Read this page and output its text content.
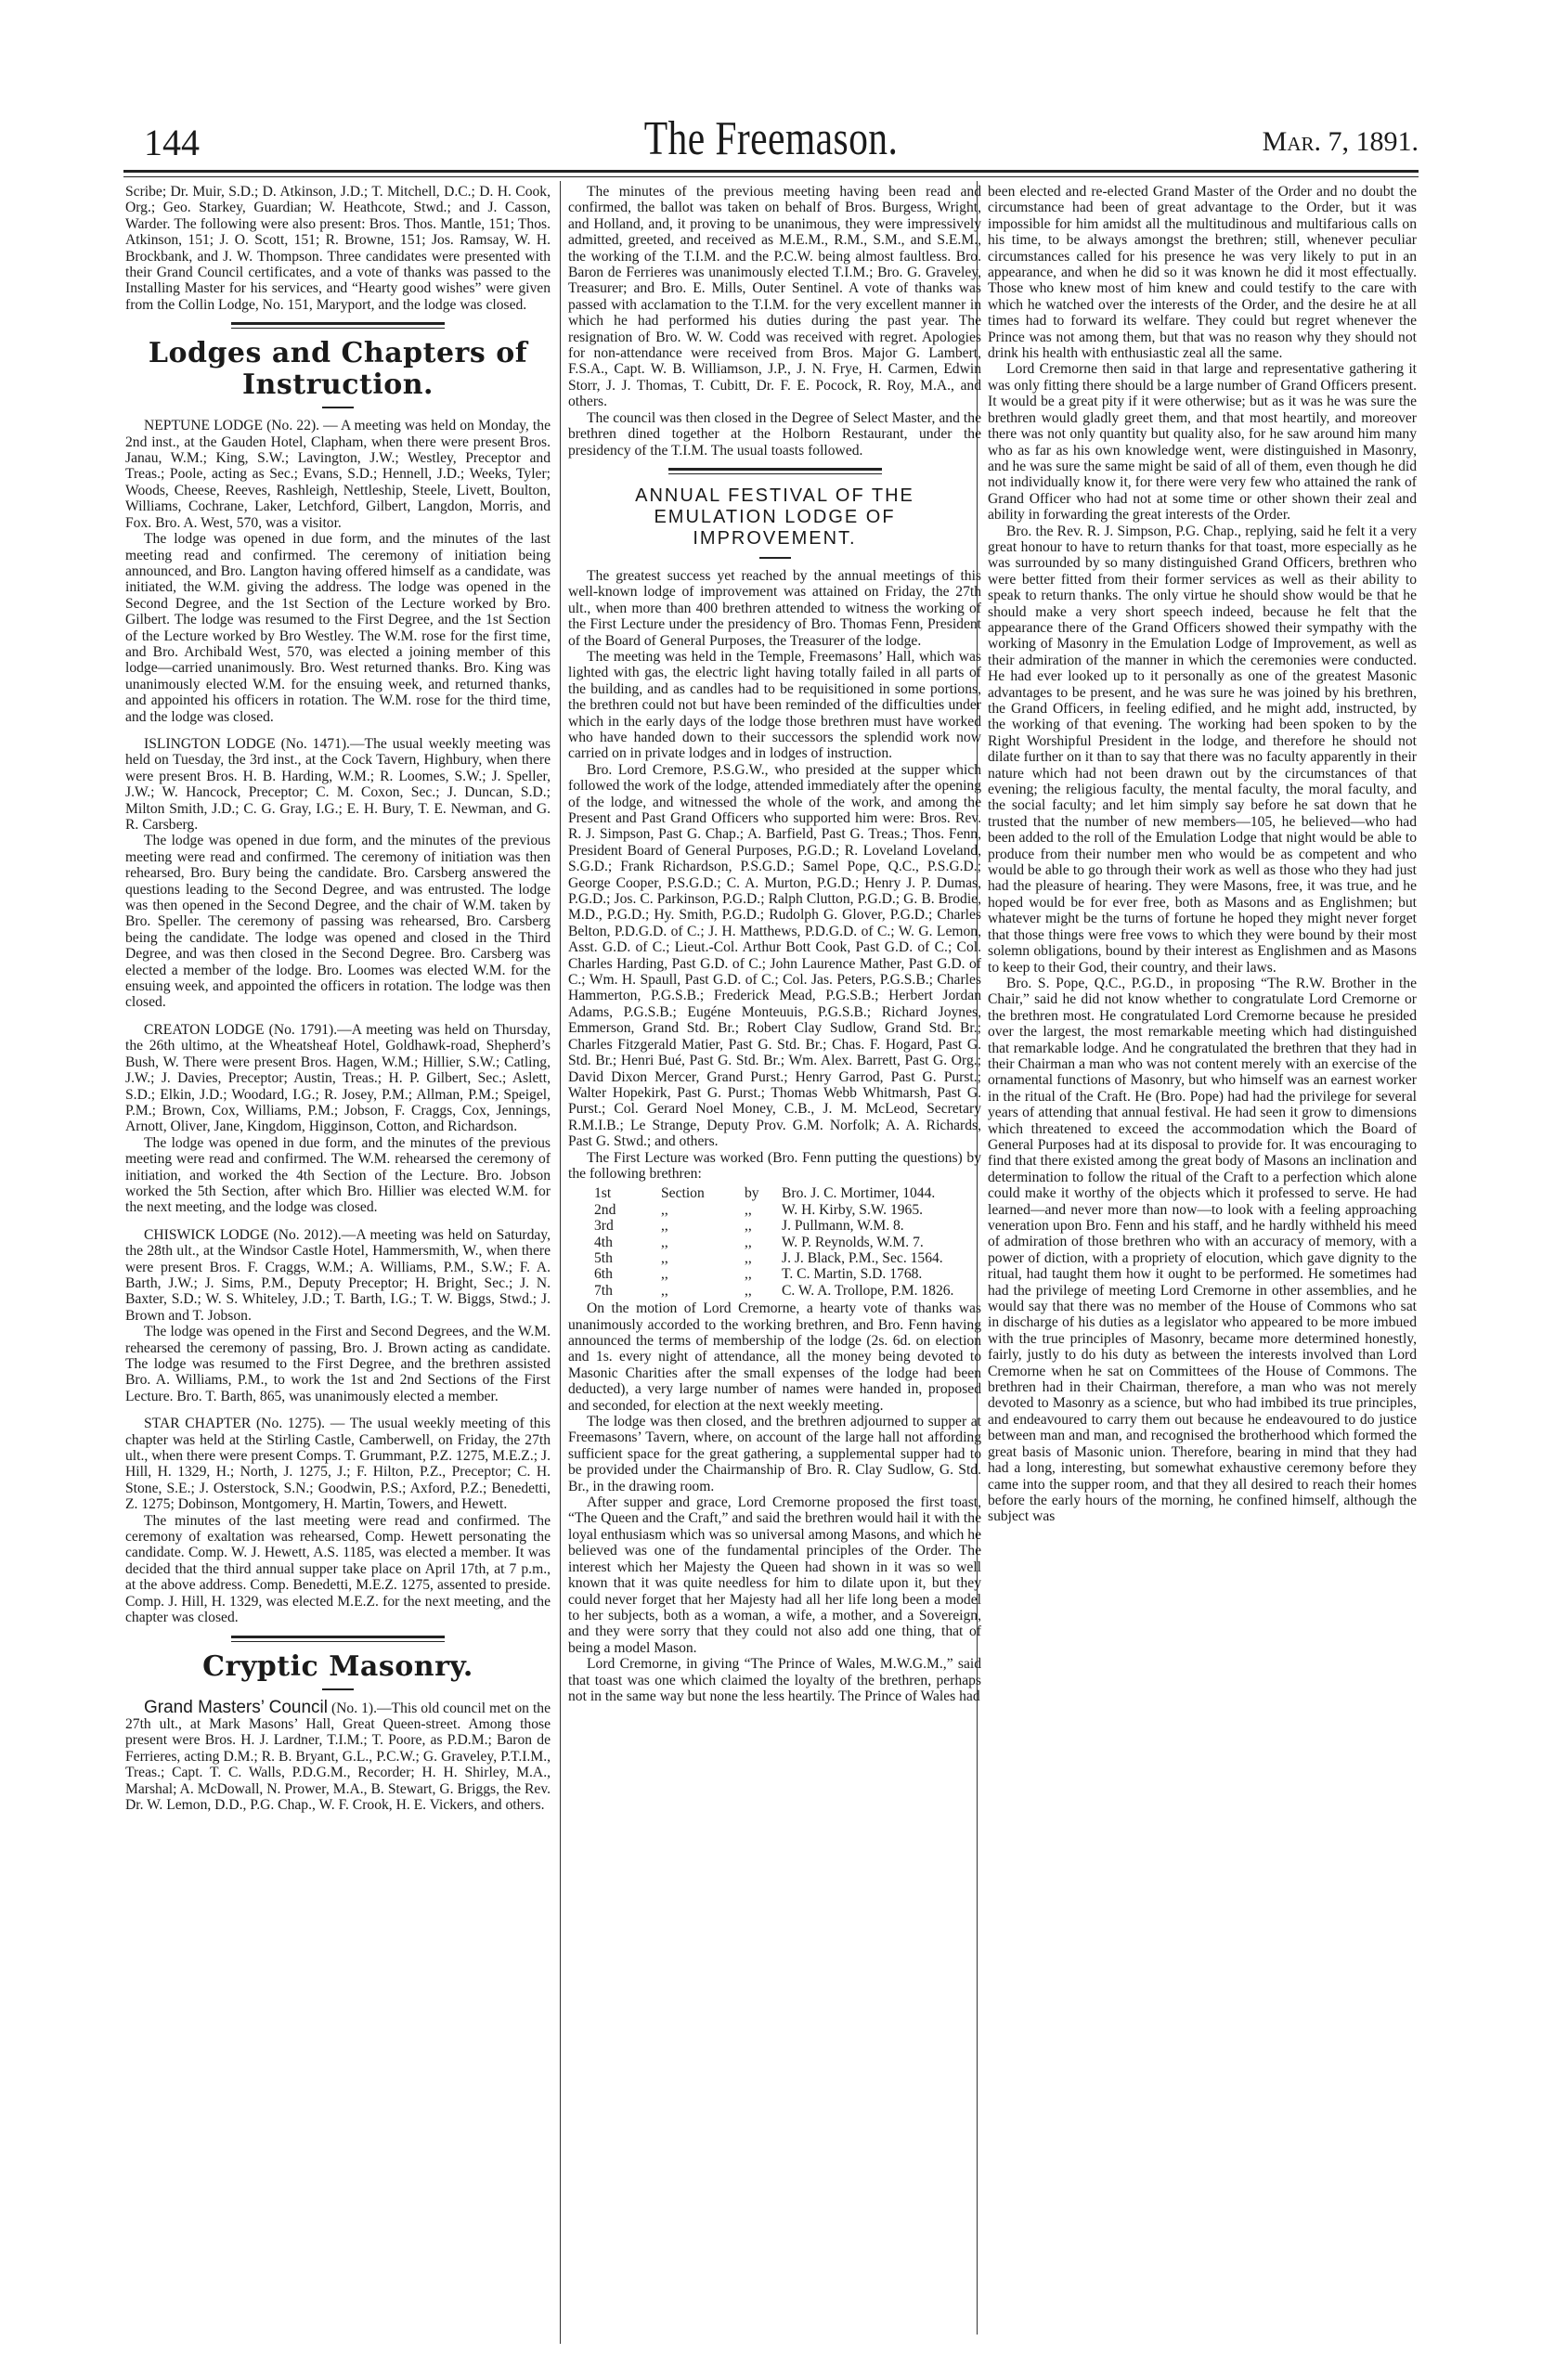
144	The Freemason.	Mar. 7, 1891.

Scribe; Dr. Muir, S.D.; D. Atkinson, J.D.; T. Mitchell, D.C.; D. H. Cook, Org.; Geo. Starkey, Guardian; W. Heathcote, Stwd.; and J. Casson, Warder. The following were also present: Bros. Thos. Mantle, 151; Thos. Atkinson, 151; J. O. Scott, 151; R. Browne, 151; Jos. Ramsay, W. H. Brockbank, and J. W. Thompson. Three candidates were presented with their Grand Council certificates, and a vote of thanks was passed to the Installing Master for his services, and “Hearty good wishes” were given from the Collin Lodge, No. 151, Maryport, and the lodge was closed.

Lodges and Chapters of
Instruction.

NEPTUNE LODGE (No. 22). — A meeting was held on Monday, the 2nd inst., at the Gauden Hotel, Clapham, when there were present Bros. Janau, W.M.; King, S.W.; Lavington, J.W.; Westley, Preceptor and Treas.; Poole, acting as Sec.; Evans, S.D.; Hennell, J.D.; Weeks, Tyler; Woods, Cheese, Reeves, Rashleigh, Nettleship, Steele, Livett, Boulton, Williams, Cochrane, Laker, Letchford, Gilbert, Langdon, Morris, and Fox. Bro. A. West, 570, was a visitor.

The lodge was opened in due form, and the minutes of the last meeting read and confirmed. The ceremony of initiation being announced, and Bro. Langton having offered himself as a candidate, was initiated, the W.M. giving the address. The lodge was opened in the Second Degree, and the 1st Section of the Lecture worked by Bro. Gilbert. The lodge was resumed to the First Degree, and the 1st Section of the Lecture worked by Bro Westley. The W.M. rose for the first time, and Bro. Archibald West, 570, was elected a joining member of this lodge—carried unanimously. Bro. West returned thanks. Bro. King was unanimously elected W.M. for the ensuing week, and returned thanks, and appointed his officers in rotation. The W.M. rose for the third time, and the lodge was closed.

ISLINGTON LODGE (No. 1471).—The usual weekly meeting was held on Tuesday, the 3rd inst., at the Cock Tavern, Highbury, when there were present Bros. H. B. Harding, W.M.; R. Loomes, S.W.; J. Speller, J.W.; W. Hancock, Preceptor; C. M. Coxon, Sec.; J. Duncan, S.D.; Milton Smith, J.D.; C. G. Gray, I.G.; E. H. Bury, T. E. Newman, and G. R. Carsberg.

The lodge was opened in due form, and the minutes of the previous meeting were read and confirmed. The ceremony of initiation was then rehearsed, Bro. Bury being the candidate. Bro. Carsberg answered the questions leading to the Second Degree, and was entrusted. The lodge was then opened in the Second Degree, and the chair of W.M. taken by Bro. Speller. The ceremony of passing was rehearsed, Bro. Carsberg being the candidate. The lodge was opened and closed in the Third Degree, and was then closed in the Second Degree. Bro. Carsberg was elected a member of the lodge. Bro. Loomes was elected W.M. for the ensuing week, and appointed the officers in rotation. The lodge was then closed.

CREATON LODGE (No. 1791).—A meeting was held on Thursday, the 26th ultimo, at the Wheatsheaf Hotel, Goldhawk-road, Shepherd’s Bush, W. There were present Bros. Hagen, W.M.; Hillier, S.W.; Catling, J.W.; J. Davies, Preceptor; Austin, Treas.; H. P. Gilbert, Sec.; Aslett, S.D.; Elkin, J.D.; Woodard, I.G.; R. Josey, P.M.; Allman, P.M.; Speigel, P.M.; Brown, Cox, Williams, P.M.; Jobson, F. Craggs, Cox, Jennings, Arnott, Oliver, Jane, Kingdom, Higginson, Cotton, and Richardson.

The lodge was opened in due form, and the minutes of the previous meeting were read and confirmed. The W.M. rehearsed the ceremony of initiation, and worked the 4th Section of the Lecture. Bro. Jobson worked the 5th Section, after which Bro. Hillier was elected W.M. for the next meeting, and the lodge was closed.

CHISWICK LODGE (No. 2012).—A meeting was held on Saturday, the 28th ult., at the Windsor Castle Hotel, Hammersmith, W., when there were present Bros. F. Craggs, W.M.; A. Williams, P.M., S.W.; F. A. Barth, J.W.; J. Sims, P.M., Deputy Preceptor; H. Bright, Sec.; J. N. Baxter, S.D.; W. S. Whiteley, J.D.; T. Barth, I.G.; T. W. Biggs, Stwd.; J. Brown and T. Jobson.

The lodge was opened in the First and Second Degrees, and the W.M. rehearsed the ceremony of passing, Bro. J. Brown acting as candidate. The lodge was resumed to the First Degree, and the brethren assisted Bro. A. Williams, P.M., to work the 1st and 2nd Sections of the First Lecture. Bro. T. Barth, 865, was unanimously elected a member.

STAR CHAPTER (No. 1275). — The usual weekly meeting of this chapter was held at the Stirling Castle, Camberwell, on Friday, the 27th ult., when there were present Comps. T. Grummant, P.Z. 1275, M.E.Z.; J. Hill, H. 1329, H.; North, J. 1275, J.; F. Hilton, P.Z., Preceptor; C. H. Stone, S.E.; J. Osterstock, S.N.; Goodwin, P.S.; Axford, P.Z.; Benedetti, Z. 1275; Dobinson, Montgomery, H. Martin, Towers, and Hewett.

The minutes of the last meeting were read and confirmed. The ceremony of exaltation was rehearsed, Comp. Hewett personating the candidate. Comp. W. J. Hewett, A.S. 1185, was elected a member. It was decided that the third annual supper take place on April 17th, at 7 p.m., at the above address. Comp. Benedetti, M.E.Z. 1275, assented to preside. Comp. J. Hill, H. 1329, was elected M.E.Z. for the next meeting, and the chapter was closed.

Cryptic Masonry.

Grand Masters’ Council (No. 1).—This old council met on the 27th ult., at Mark Masons’ Hall, Great Queen-street. Among those present were Bros. H. J. Lardner, T.I.M.; T. Poore, as P.D.M.; Baron de Ferrieres, acting D.M.; R. B. Bryant, G.L., P.C.W.; G. Graveley, P.T.I.M., Treas.; Capt. T. C. Walls, P.D.G.M., Recorder; H. H. Shirley, M.A., Marshal; A. McDowall, N. Prower, M.A., B. Stewart, G. Briggs, the Rev. Dr. W. Lemon, D.D., P.G. Chap., W. F. Crook, H. E. Vickers, and others.

The minutes of the previous meeting having been read and confirmed, the ballot was taken on behalf of Bros. Burgess, Wright, and Holland, and, it proving to be unanimous, they were impressively admitted, greeted, and received as M.E.M., R.M., S.M., and S.E.M., the working of the T.I.M. and the P.C.W. being almost faultless. Bro. Baron de Ferrieres was unanimously elected T.I.M.; Bro. G. Graveley, Treasurer; and Bro. E. Mills, Outer Sentinel. A vote of thanks was passed with acclamation to the T.I.M. for the very excellent manner in which he had performed his duties during the past year. The resignation of Bro. W. W. Codd was received with regret. Apologies for non-attendance were received from Bros. Major G. Lambert, F.S.A., Capt. W. B. Williamson, J.P., J. N. Frye, H. Carmen, Edwin Storr, J. J. Thomas, T. Cubitt, Dr. F. E. Pocock, R. Roy, M.A., and others.

The council was then closed in the Degree of Select Master, and the brethren dined together at the Holborn Restaurant, under the presidency of the T.I.M. The usual toasts followed.

ANNUAL FESTIVAL OF THE
EMULATION LODGE OF
IMPROVEMENT.

The greatest success yet reached by the annual meetings of this well-known lodge of improvement was attained on Friday, the 27th ult., when more than 400 brethren attended to witness the working of the First Lecture under the presidency of Bro. Thomas Fenn, President of the Board of General Purposes, the Treasurer of the lodge.

The meeting was held in the Temple, Freemasons’ Hall, which was lighted with gas, the electric light having totally failed in all parts of the building, and as candles had to be requisitioned in some portions, the brethren could not but have been reminded of the difficulties under which in the early days of the lodge those brethren must have worked who have handed down to their successors the splendid work now carried on in private lodges and in lodges of instruction.

Bro. Lord Cremore, P.S.G.W., who presided at the supper which followed the work of the lodge, attended immediately after the opening of the lodge, and witnessed the whole of the work, and among the Present and Past Grand Officers who supported him were: Bros. Rev. R. J. Simpson, Past G. Chap.; A. Barfield, Past G. Treas.; Thos. Fenn, President Board of General Purposes, P.G.D.; R. Loveland Loveland, S.G.D.; Frank Richardson, P.S.G.D.; Samel Pope, Q.C., P.S.G.D.; George Cooper, P.S.G.D.; C. A. Murton, P.G.D.; Henry J. P. Dumas, P.G.D.; Jos. C. Parkinson, P.G.D.; Ralph Clutton, P.G.D.; G. B. Brodie, M.D., P.G.D.; Hy. Smith, P.G.D.; Rudolph G. Glover, P.G.D.; Charles Belton, P.D.G.D. of C.; J. H. Matthews, P.D.G.D. of C.; W. G. Lemon, Asst. G.D. of C.; Lieut.-Col. Arthur Bott Cook, Past G.D. of C.; Col. Charles Harding, Past G.D. of C.; John Laurence Mather, Past G.D. of C.; Wm. H. Spaull, Past G.D. of C.; Col. Jas. Peters, P.G.S.B.; Charles Hammerton, P.G.S.B.; Frederick Mead, P.G.S.B.; Herbert Jordan Adams, P.G.S.B.; Eugéne Monteuuis, P.G.S.B.; Richard Joynes, Emmerson, Grand Std. Br.; Robert Clay Sudlow, Grand Std. Br.; Charles Fitzgerald Matier, Past G. Std. Br.; Chas. F. Hogard, Past G. Std. Br.; Henri Bué, Past G. Std. Br.; Wm. Alex. Barrett, Past G. Org.; David Dixon Mercer, Grand Purst.; Henry Garrod, Past G. Purst.; Walter Hopekirk, Past G. Purst.; Thomas Webb Whitmarsh, Past G. Purst.; Col. Gerard Noel Money, C.B., J. M. McLeod, Secretary R.M.I.B.; Le Strange, Deputy Prov. G.M. Norfolk; A. A. Richards, Past G. Stwd.; and others.

The First Lecture was worked (Bro. Fenn putting the questions) by the following brethren:

1st	Section	by	Bro. J. C. Mortimer, 1044.
2nd	,,	,,	W. H. Kirby, S.W. 1965.
3rd	,,	,,	J. Pullmann, W.M. 8.
4th	,,	,,	W. P. Reynolds, W.M. 7.
5th	,,	,,	J. J. Black, P.M., Sec. 1564.
6th	,,	,,	T. C. Martin, S.D. 1768.
7th	,,	,,	C. W. A. Trollope, P.M. 1826.

On the motion of Lord Cremorne, a hearty vote of thanks was unanimously accorded to the working brethren, and Bro. Fenn having announced the terms of membership of the lodge (2s. 6d. on election and 1s. every night of attendance, all the money being devoted to Masonic Charities after the small expenses of the lodge had been deducted), a very large number of names were handed in, proposed and seconded, for election at the next weekly meeting.

The lodge was then closed, and the brethren adjourned to supper at Freemasons’ Tavern, where, on account of the large hall not affording sufficient space for the great gathering, a supplemental supper had to be provided under the Chairmanship of Bro. R. Clay Sudlow, G. Std. Br., in the drawing room.

After supper and grace, Lord Cremorne proposed the first toast, “The Queen and the Craft,” and said the brethren would hail it with the loyal enthusiasm which was so universal among Masons, and which he believed was one of the fundamental principles of the Order. The interest which her Majesty the Queen had shown in it was so well known that it was quite needless for him to dilate upon it, but they could never forget that her Majesty had all her life long been a model to her subjects, both as a woman, a wife, a mother, and a Sovereign, and they were sorry that they could not also add one thing, that of being a model Mason.

Lord Cremorne, in giving “The Prince of Wales, M.W.G.M.,” said that toast was one which claimed the loyalty of the brethren, perhaps not in the same way but none the less heartily. The Prince of Wales had

been elected and re-elected Grand Master of the Order and no doubt the circumstance had been of great advantage to the Order, but it was impossible for him amidst all the multitudinous and multifarious calls on his time, to be always amongst the brethren; still, whenever peculiar circumstances called for his presence he was very likely to put in an appearance, and when he did so it was known he did it most effectually. Those who knew most of him knew and could testify to the care with which he watched over the interests of the Order, and the desire he at all times had to forward its welfare. They could but regret whenever the Prince was not among them, but that was no reason why they should not drink his health with enthusiastic zeal all the same.

Lord Cremorne then said in that large and representative gathering it was only fitting there should be a large number of Grand Officers present. It would be a great pity if it were otherwise; but as it was he was sure the brethren would gladly greet them, and that most heartily, and moreover there was not only quantity but quality also, for he saw around him many who as far as his own knowledge went, were distinguished in Masonry, and he was sure the same might be said of all of them, even though he did not individually know it, for there were very few who attained the rank of Grand Officer who had not at some time or other shown their zeal and ability in forwarding the great interests of the Order.

Bro. the Rev. R. J. Simpson, P.G. Chap., replying, said he felt it a very great honour to have to return thanks for that toast, more especially as he was surrounded by so many distinguished Grand Officers, brethren who were better fitted from their former services as well as their ability to speak to return thanks. The only virtue he should show would be that he should make a very short speech indeed, because he felt that the appearance there of the Grand Officers showed their sympathy with the working of Masonry in the Emulation Lodge of Improvement, as well as their admiration of the manner in which the ceremonies were conducted. He had ever looked up to it personally as one of the greatest Masonic advantages to be present, and he was sure he was joined by his brethren, the Grand Officers, in feeling edified, and he might add, instructed, by the working of that evening. The working had been spoken to by the Right Worshipful President in the lodge, and therefore he should not dilate further on it than to say that there was no faculty apparently in their nature which had not been drawn out by the circumstances of that evening; the religious faculty, the mental faculty, the moral faculty, and the social faculty; and let him simply say before he sat down that he trusted that the number of new members—105, he believed—who had been added to the roll of the Emulation Lodge that night would be able to produce from their number men who would be as competent and who would be able to go through their work as well as those who they had just had the pleasure of hearing. They were Masons, free, it was true, and he hoped would be for ever free, both as Masons and as Englishmen; but whatever might be the turns of fortune he hoped they might never forget that those things were free vows to which they were bound by their most solemn obligations, bound by their interest as Englishmen and as Masons to keep to their God, their country, and their laws.

Bro. S. Pope, Q.C., P.G.D., in proposing “The R.W. Brother in the Chair,” said he did not know whether to congratulate Lord Cremorne or the brethren most. He congratulated Lord Cremorne because he presided over the largest, the most remarkable meeting which had distinguished that remarkable lodge. And he congratulated the brethren that they had in their Chairman a man who was not content merely with an exercise of the ornamental functions of Masonry, but who himself was an earnest worker in the ritual of the Craft. He (Bro. Pope) had had the privilege for several years of attending that annual festival. He had seen it grow to dimensions which threatened to exceed the accommodation which the Board of General Purposes had at its disposal to provide for. It was encouraging to find that there existed among the great body of Masons an inclination and determination to follow the ritual of the Craft to a perfection which alone could make it worthy of the objects which it professed to serve. He had learned—and never more than now—to look with a feeling approaching veneration upon Bro. Fenn and his staff, and he hardly withheld his meed of admiration of those brethren who with an accuracy of memory, with a power of diction, with a propriety of elocution, which gave dignity to the ritual, had taught them how it ought to be performed. He sometimes had had the privilege of meeting Lord Cremorne in other assemblies, and he would say that there was no member of the House of Commons who sat in discharge of his duties as a legislator who appeared to be more imbued with the true principles of Masonry, became more determined honestly, fairly, justly to do his duty as between the interests involved than Lord Cremorne when he sat on Committees of the House of Commons. The brethren had in their Chairman, therefore, a man who was not merely devoted to Masonry as a science, but who had imbibed its true principles, and endeavoured to carry them out because he endeavoured to do justice between man and man, and recognised the brotherhood which formed the great basis of Masonic union. Therefore, bearing in mind that they had had a long, interesting, but somewhat exhaustive ceremony before they came into the supper room, and that they all desired to reach their homes before the early hours of the morning, he confined himself, although the subject was
